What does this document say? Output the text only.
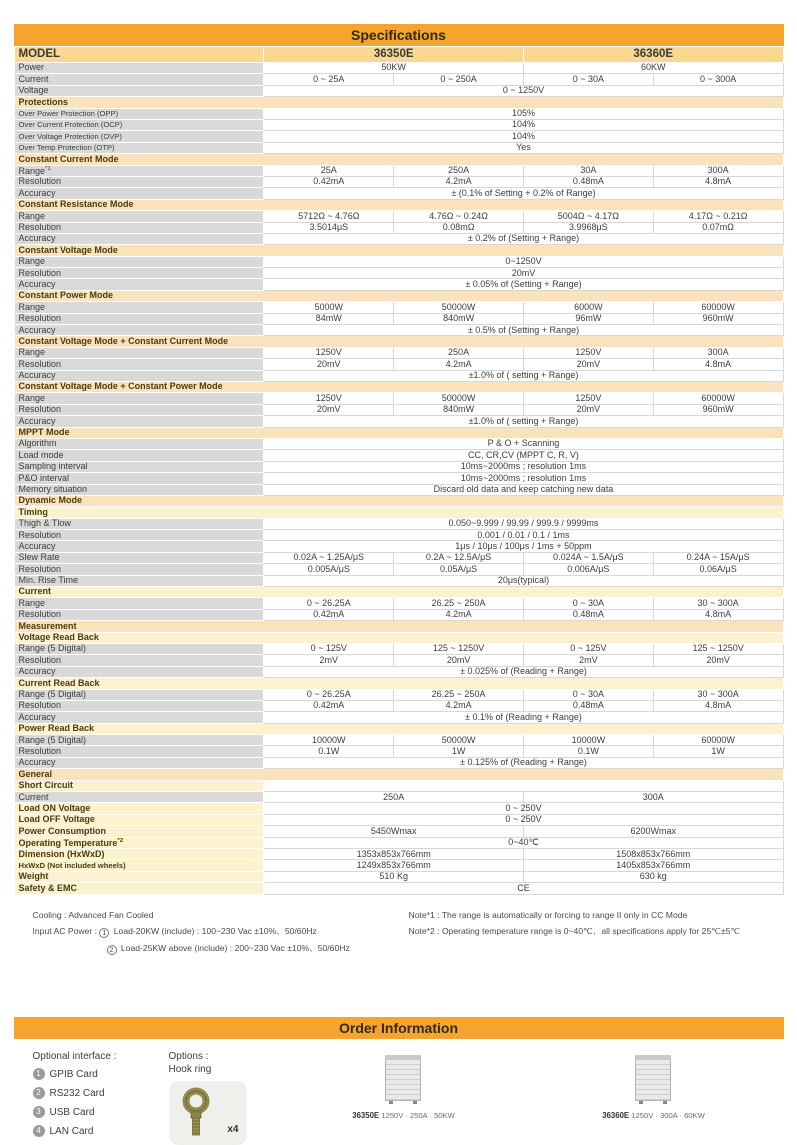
Specifications
MODEL	36350E		36360E	
Power	50KW		60KW	
Current	0 ~ 25A	0 ~ 250A	0 ~ 30A	0 ~ 300A
Voltage	0 ~ 1250V			
Protections				
Over Power Protection (OPP)	105%			
Over Current Protection (OCP)	104%			
Over Voltage Protection (OVP)	104%			
Over Temp Protection (OTP)	Yes			
Constant Current Mode				
Range$^{*1}$	25A	250A	30A	300A
Resolution	0.42mA	4.2mA	0.48mA	4.8mA
Accuracy	± (0.1% of Setting + 0.2% of Range)			
Constant Resistance Mode				
Range	5712Ω ~ 4.76Ω	4.76Ω ~ 0.24Ω	5004Ω ~ 4.17Ω	4.17Ω ~ 0.21Ω
Resolution	3.5014μS	0.08mΩ	3.9968μS	0.07mΩ
Accuracy	± 0.2% of (Setting + Range)			
Constant Voltage Mode				
Range	0~1250V			
Resolution	20mV			
Accuracy	± 0.05% of (Setting + Range)			
Constant Power Mode				
Range	5000W	50000W	6000W	60000W
Resolution	84mW	840mW	96mW	960mW
Accuracy	± 0.5% of (Setting + Range)			
Constant Voltage Mode + Constant Current Mode				
Range	1250V	250A	1250V	300A
Resolution	20mV	4.2mA	20mV	4.8mA
Accuracy	±1.0% of ( setting + Range)			
Constant Voltage Mode + Constant Power Mode				
Range	1250V	50000W	1250V	60000W
Resolution	20mV	840mW	20mV	960mW
Accuracy	±1.0% of ( setting + Range)			
MPPT Mode				
Algorithm	P & O + Scanning			
Load mode	CC, CR,CV (MPPT C, R, V)			
Sampling interval	10ms~2000ms ; resolution 1ms			
P&O interval	10ms~2000ms ; resolution 1ms			
Memory situation	Discard old data and keep catching new data			
Dynamic Mode				
Timing				
Thigh & Tlow	0.050~9.999 / 99.99 / 999.9 / 9999ms			
Resolution	0.001 / 0.01 / 0.1 / 1ms			
Accuracy	1μs / 10μs / 100μs / 1ms + 50ppm			
Slew Rate	0.02A ~ 1.25A/μS	0.2A ~ 12.5A/μS	0.024A ~ 1.5A/μS	0.24A ~ 15A/μS
Resolution	0.005A/μS	0.05A/μS	0.006A/μS	0.06A/μS
Min. Rise Time	20μs(typical)			
Current				
Range	0 ~ 26.25A	26.25 ~ 250A	0 ~ 30A	30 ~ 300A
Resolution	0.42mA	4.2mA	0.48mA	4.8mA
Measurement				
Voltage Read Back				
Range (5 Digital)	0 ~ 125V	125 ~ 1250V	0 ~ 125V	125 ~ 1250V
Resolution	2mV	20mV	2mV	20mV
Accuracy	± 0.025% of (Reading + Range)			
Current Read Back				
Range (5 Digital)	0 ~ 26.25A	26.25 ~ 250A	0 ~ 30A	30 ~ 300A
Resolution	0.42mA	4.2mA	0.48mA	4.8mA
Accuracy	± 0.1% of (Reading + Range)			
Power Read Back				
Range (5 Digital)	10000W	50000W	10000W	60000W
Resolution	0.1W	1W	0.1W	1W
Accuracy	± 0.125% of (Reading + Range)			
General				
Short Circuit				
Current	250A		300A	
Load ON Voltage	0 ~ 250V			
Load OFF Voltage	0 ~ 250V			
Power Consumption	5450Wmax		6200Wmax	
Operating Temperature$^{*2}$	0~40℃			
Dimension (HxWxD)	1353x853x766mm		1508x853x766mm	
HxWxD (Not included wheels)	1249x853x766mm		1405x853x766mm	
Weight	510 Kg		630 kg	
Safety & EMC	CE			

Cooling : Advanced Fan Cooled

Input AC Power : 1 Load-20KW (include) : 100~230 Vac ±10%、50/60Hz

2 Load-25KW above (include) : 200~230 Vac ±10%、50/60Hz

Note*1 : The range is automatically or forcing to range II only in CC Mode

Note*2 : Operating temperature range is 0~40℃、all specifications apply for 25℃±5℃

Order Information
Optional interface :
1 GPIB Card
2 RS232 Card
3 USB Card
4 LAN Card
Options :
Hook ring
x4
36350E 1250V · 250A · 50KW	36360E 1250V · 300A · 60KW
